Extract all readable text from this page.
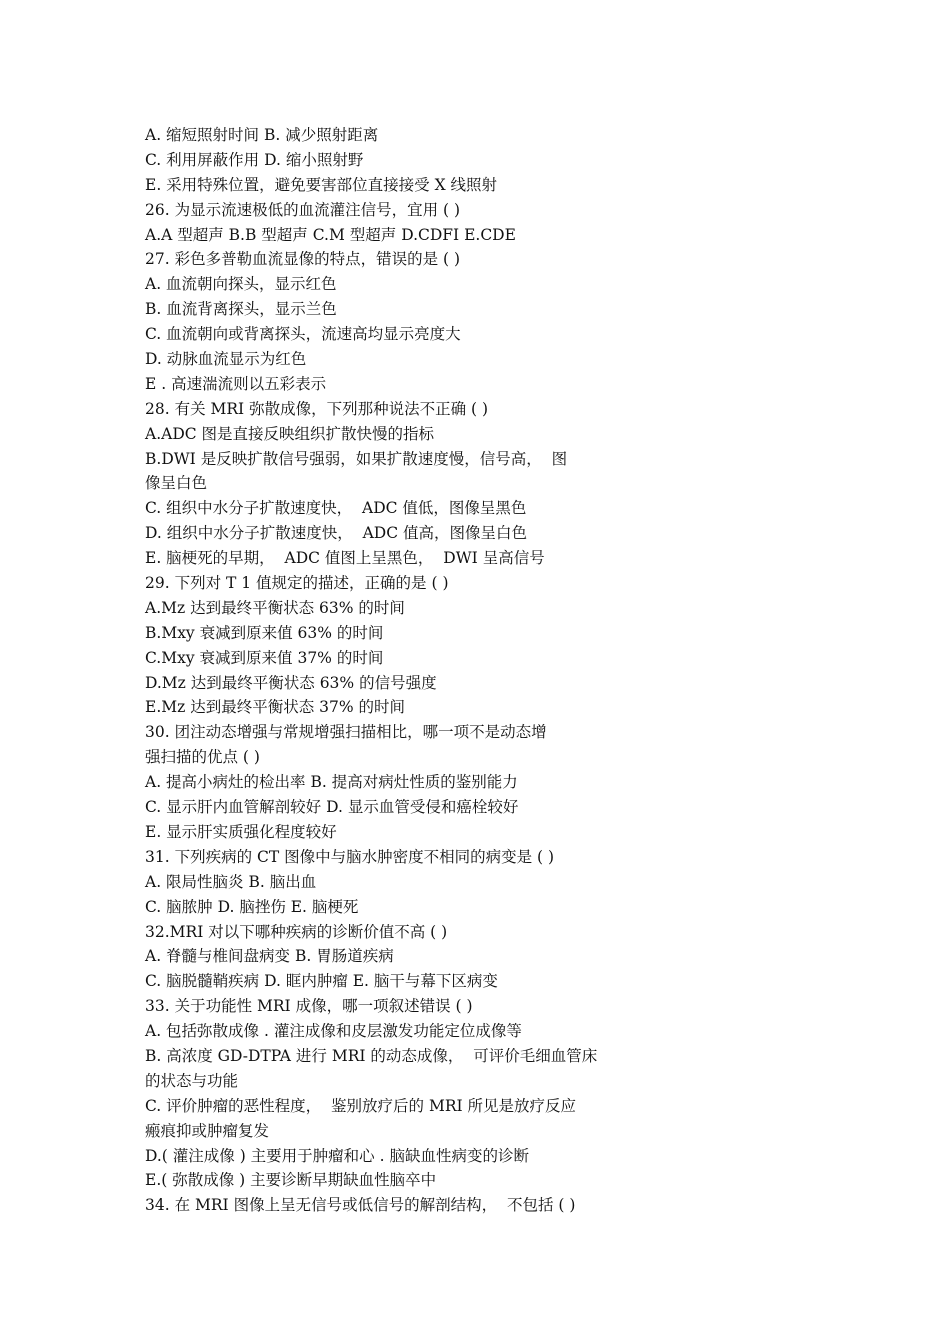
A. 缩短照射时间 B. 减少照射距离
C. 利用屏蔽作用 D. 缩小照射野
E. 采用特殊位置，避免要害部位直接接受 X 线照射
26. 为显示流速极低的血流灌注信号，宜用 ( )
A.A 型超声 B.B 型超声 C.M 型超声 D.CDFI E.CDE
27. 彩色多普勒血流显像的特点，错误的是 ( )
A. 血流朝向探头，显示红色
B. 血流背离探头，显示兰色
C. 血流朝向或背离探头，流速高均显示亮度大
D. 动脉血流显示为红色
E . 高速湍流则以五彩表示
28. 有关 MRI 弥散成像，下列那种说法不正确 ( )
A.ADC 图是直接反映组织扩散快慢的指标
B.DWI 是反映扩散信号强弱，如果扩散速度慢，信号高，  图
像呈白色
C. 组织中水分子扩散速度快，  ADC 值低，图像呈黑色
D. 组织中水分子扩散速度快，  ADC 值高，图像呈白色
E. 脑梗死的早期，  ADC 值图上呈黑色，  DWI 呈高信号
29. 下列对 T 1 值规定的描述，正确的是 ( )
A.Mz 达到最终平衡状态 63% 的时间
B.Mxy 衰减到原来值 63% 的时间
C.Mxy 衰减到原来值 37% 的时间
D.Mz 达到最终平衡状态 63% 的信号强度
E.Mz 达到最终平衡状态 37% 的时间
30. 团注动态增强与常规增强扫描相比，哪一项不是动态增
强扫描的优点 ( )
A. 提高小病灶的检出率 B. 提高对病灶性质的鉴别能力
C. 显示肝内血管解剖较好 D. 显示血管受侵和癌栓较好
E. 显示肝实质强化程度较好
31. 下列疾病的 CT 图像中与脑水肿密度不相同的病变是 ( )
A. 限局性脑炎 B. 脑出血
C. 脑脓肿 D. 脑挫伤 E. 脑梗死
32.MRI 对以下哪种疾病的诊断价值不高 ( )
A. 脊髓与椎间盘病变 B. 胃肠道疾病
C. 脑脱髓鞘疾病 D. 眶内肿瘤 E. 脑干与幕下区病变
33. 关于功能性 MRI 成像，哪一项叙述错误 ( )
A. 包括弥散成像 . 灌注成像和皮层激发功能定位成像等
B. 高浓度 GD-DTPA 进行 MRI 的动态成像，  可评价毛细血管床
的状态与功能
C. 评价肿瘤的恶性程度，  鉴别放疗后的 MRI 所见是放疗反应
瘢痕抑或肿瘤复发
D.( 灌注成像 ) 主要用于肿瘤和心 . 脑缺血性病变的诊断
E.( 弥散成像 ) 主要诊断早期缺血性脑卒中
34. 在 MRI 图像上呈无信号或低信号的解剖结构，  不包括 ( )
